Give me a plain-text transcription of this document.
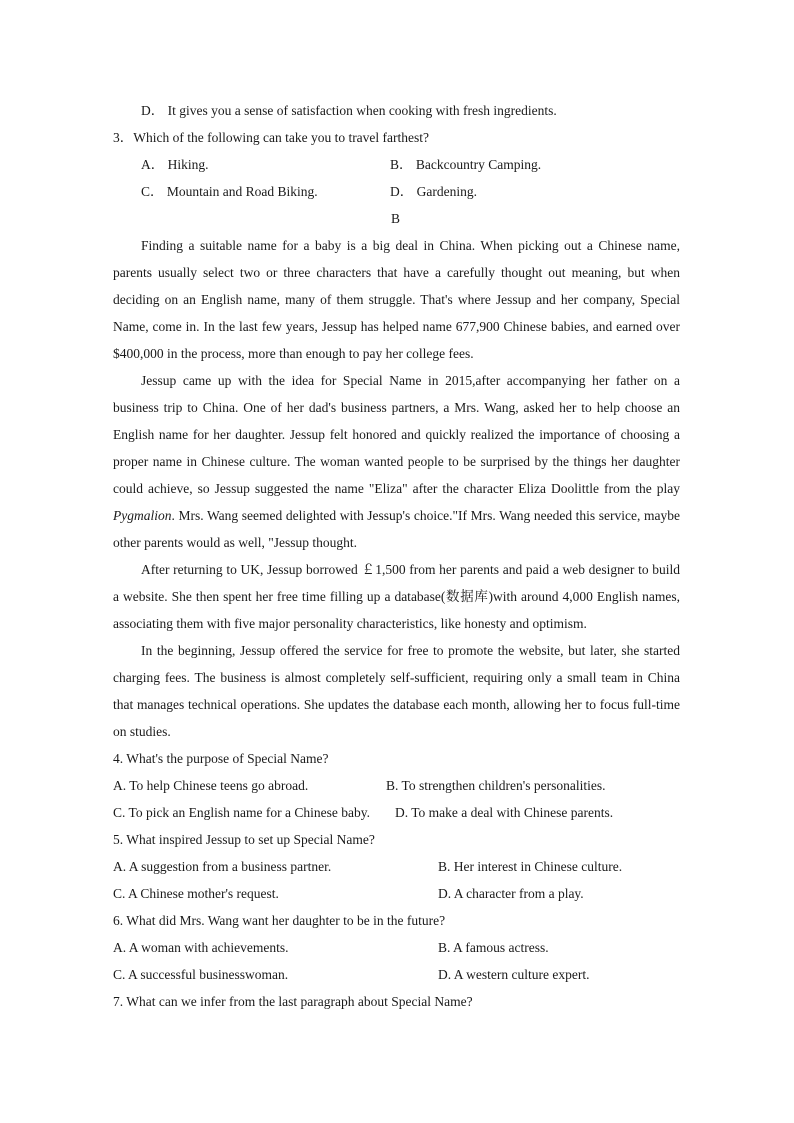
D． It gives you a sense of satisfaction when cooking with fresh ingredients.
3．Which of the following can take you to travel farthest?
A． Hiking.	B． Backcountry Camping.
C． Mountain and Road Biking.	D． Gardening.
B

Finding a suitable name for a baby is a big deal in China. When picking out a Chinese name, parents usually select two or three characters that have a carefully thought out meaning, but when deciding on an English name, many of them struggle. That's where Jessup and her company, Special Name, come in. In the last few years, Jessup has helped name 677,900 Chinese babies, and earned over $400,000 in the process, more than enough to pay her college fees.

Jessup came up with the idea for Special Name in 2015,after accompanying her father on a business trip to China. One of her dad's business partners, a Mrs. Wang, asked her to help choose an English name for her daughter. Jessup felt honored and quickly realized the importance of choosing a proper name in Chinese culture. The woman wanted people to be surprised by the things her daughter could achieve, so Jessup suggested the name "Eliza" after the character Eliza Doolittle from the play Pygmalion. Mrs. Wang seemed delighted with Jessup's choice."If Mrs. Wang needed this service, maybe other parents would as well, "Jessup thought.

After returning to UK, Jessup borrowed ￡1,500 from her parents and paid a web designer to build a website. She then spent her free time filling up a database(数据库)with around 4,000 English names, associating them with five major personality characteristics, like honesty and optimism.

In the beginning, Jessup offered the service for free to promote the website, but later, she started charging fees. The business is almost completely self-sufficient, requiring only a small team in China that manages technical operations. She updates the database each month, allowing her to focus full-time on studies.

4. What's the purpose of Special Name?
A. To help Chinese teens go abroad.	B. To strengthen children's personalities.
C. To pick an English name for a Chinese baby. D. To make a deal with Chinese parents.
5. What inspired Jessup to set up Special Name?
A. A suggestion from a business partner.	B. Her interest in Chinese culture.
C. A Chinese mother's request.	D. A character from a play.
6. What did Mrs. Wang want her daughter to be in the future?
A. A woman with achievements.	B. A famous actress.
C. A successful businesswoman.	D. A western culture expert.
7. What can we infer from the last paragraph about Special Name?
